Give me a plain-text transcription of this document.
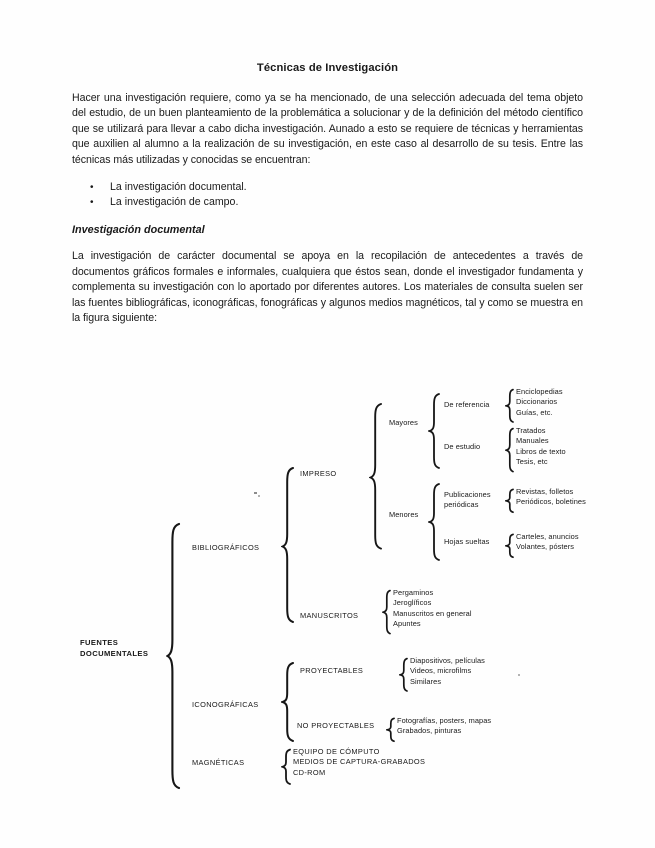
Técnicas de Investigación

Hacer una investigación requiere, como ya se ha mencionado, de una selección adecuada del tema objeto del estudio, de un buen planteamiento de la problemática a solucionar y de la definición del método científico que se utilizará para llevar a cabo dicha investigación. Aunado a esto se requiere de técnicas y herramientas que auxilien al alumno a la realización de su investigación, en este caso al desarrollo de su tesis. Entre las técnicas más utilizadas y conocidas se encuentran:

• La investigación documental.
• La investigación de campo.
Investigación documental

La investigación de carácter documental se apoya en la recopilación de antecedentes a través de documentos gráficos formales e informales, cualquiera que éstos sean, donde el investigador fundamenta y complementa su investigación con lo aportado por diferentes autores. Los materiales de consulta suelen ser las fuentes bibliográficas, iconográficas, fonográficas y algunos medios magnéticos, tal y como se muestra en la figura siguiente:

FUENTES
DOCUMENTALES
BIBLIOGRÁFICOS
ICONOGRÁFICAS
MAGNÉTICAS
IMPRESO
MANUSCRITOS
Mayores
Menores
De referencia
De estudio
Publicaciones
periódicas
Hojas sueltas
Enciclopedias
Diccionarios
Guías, etc.
Tratados
Manuales
Libros de texto
Tesis, etc
Revistas, folletos
Periódicos, boletines
Carteles, anuncios
Volantes, pósters
Pergaminos
Jeroglíficos
Manuscritos en general
Apuntes
PROYECTABLES
NO PROYECTABLES
Diapositivos, películas
Videos, microfilms
Similares
Fotografías, posters, mapas
Grabados, pinturas
EQUIPO DE CÓMPUTO
MEDIOS DE CAPTURA-GRABADOS
CD-ROM
